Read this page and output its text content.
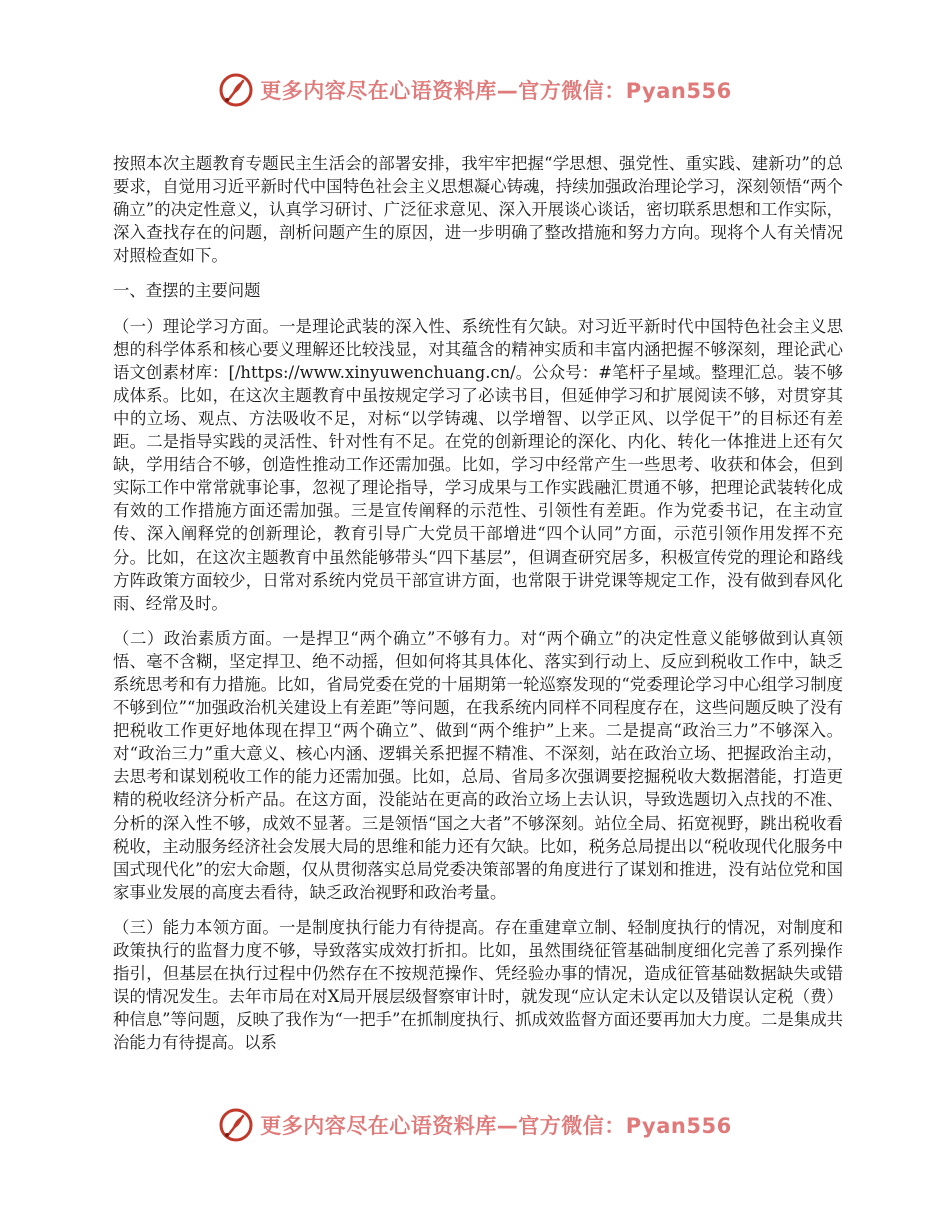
更多内容尽在心语资料库—官方微信：Pyan556

按照本次主题教育专题民主生活会的部署安排，我牢牢把握“学思想、强党性、重实践、建新功”的总要求，自觉用习近平新时代中国特色社会主义思想凝心铸魂，持续加强政治理论学习，深刻领悟“两个确立”的决定性意义，认真学习研讨、广泛征求意见、深入开展谈心谈话，密切联系思想和工作实际，深入查找存在的问题，剖析问题产生的原因，进一步明确了整改措施和努力方向。现将个人有关情况对照检查如下。

一、查摆的主要问题

（一）理论学习方面。一是理论武装的深入性、系统性有欠缺。对习近平新时代中国特色社会主义思想的科学体系和核心要义理解还比较浅显，对其蕴含的精神实质和丰富内涵把握不够深刻，理论武心语文创素材库：[/https://www.xinyuwenchuang.cn/。公众号：#笔杆子星域。整理汇总。装不够成体系。比如，在这次主题教育中虽按规定学习了必读书目，但延伸学习和扩展阅读不够，对贯穿其中的立场、观点、方法吸收不足，对标“以学铸魂、以学增智、以学正风、以学促干”的目标还有差距。二是指导实践的灵活性、针对性有不足。在党的创新理论的深化、内化、转化一体推进上还有欠缺，学用结合不够，创造性推动工作还需加强。比如，学习中经常产生一些思考、收获和体会，但到实际工作中常常就事论事，忽视了理论指导，学习成果与工作实践融汇贯通不够，把理论武装转化成有效的工作措施方面还需加强。三是宣传阐释的示范性、引领性有差距。作为党委书记，在主动宣传、深入阐释党的创新理论，教育引导广大党员干部增进“四个认同”方面，示范引领作用发挥不充分。比如，在这次主题教育中虽然能够带头“四下基层”，但调查研究居多，积极宣传党的理论和路线方阵政策方面较少，日常对系统内党员干部宣讲方面，也常限于讲党课等规定工作，没有做到春风化雨、经常及时。

（二）政治素质方面。一是捍卫“两个确立”不够有力。对“两个确立”的决定性意义能够做到认真领悟、毫不含糊，坚定捍卫、绝不动摇，但如何将其具体化、落实到行动上、反应到税收工作中，缺乏系统思考和有力措施。比如，省局党委在党的十届期第一轮巡察发现的“党委理论学习中心组学习制度不够到位”“加强政治机关建设上有差距”等问题，在我系统内同样不同程度存在，这些问题反映了没有把税收工作更好地体现在捍卫“两个确立”、做到“两个维护”上来。二是提高“政治三力”不够深入。对“政治三力”重大意义、核心内涵、逻辑关系把握不精准、不深刻，站在政治立场、把握政治主动，去思考和谋划税收工作的能力还需加强。比如，总局、省局多次强调要挖掘税收大数据潜能，打造更精的税收经济分析产品。在这方面，没能站在更高的政治立场上去认识，导致选题切入点找的不准、分析的深入性不够，成效不显著。三是领悟“国之大者”不够深刻。站位全局、拓宽视野，跳出税收看税收，主动服务经济社会发展大局的思维和能力还有欠缺。比如，税务总局提出以“税收现代化服务中国式现代化”的宏大命题，仅从贯彻落实总局党委决策部署的角度进行了谋划和推进，没有站位党和国家事业发展的高度去看待，缺乏政治视野和政治考量。

（三）能力本领方面。一是制度执行能力有待提高。存在重建章立制、轻制度执行的情况，对制度和政策执行的监督力度不够，导致落实成效打折扣。比如，虽然围绕征管基础制度细化完善了系列操作指引，但基层在执行过程中仍然存在不按规范操作、凭经验办事的情况，造成征管基础数据缺失或错误的情况发生。去年市局在对X局开展层级督察审计时，就发现“应认定未认定以及错误认定税（费）种信息”等问题，反映了我作为“一把手”在抓制度执行、抓成效监督方面还要再加大力度。二是集成共治能力有待提高。以系

更多内容尽在心语资料库—官方微信：Pyan556
